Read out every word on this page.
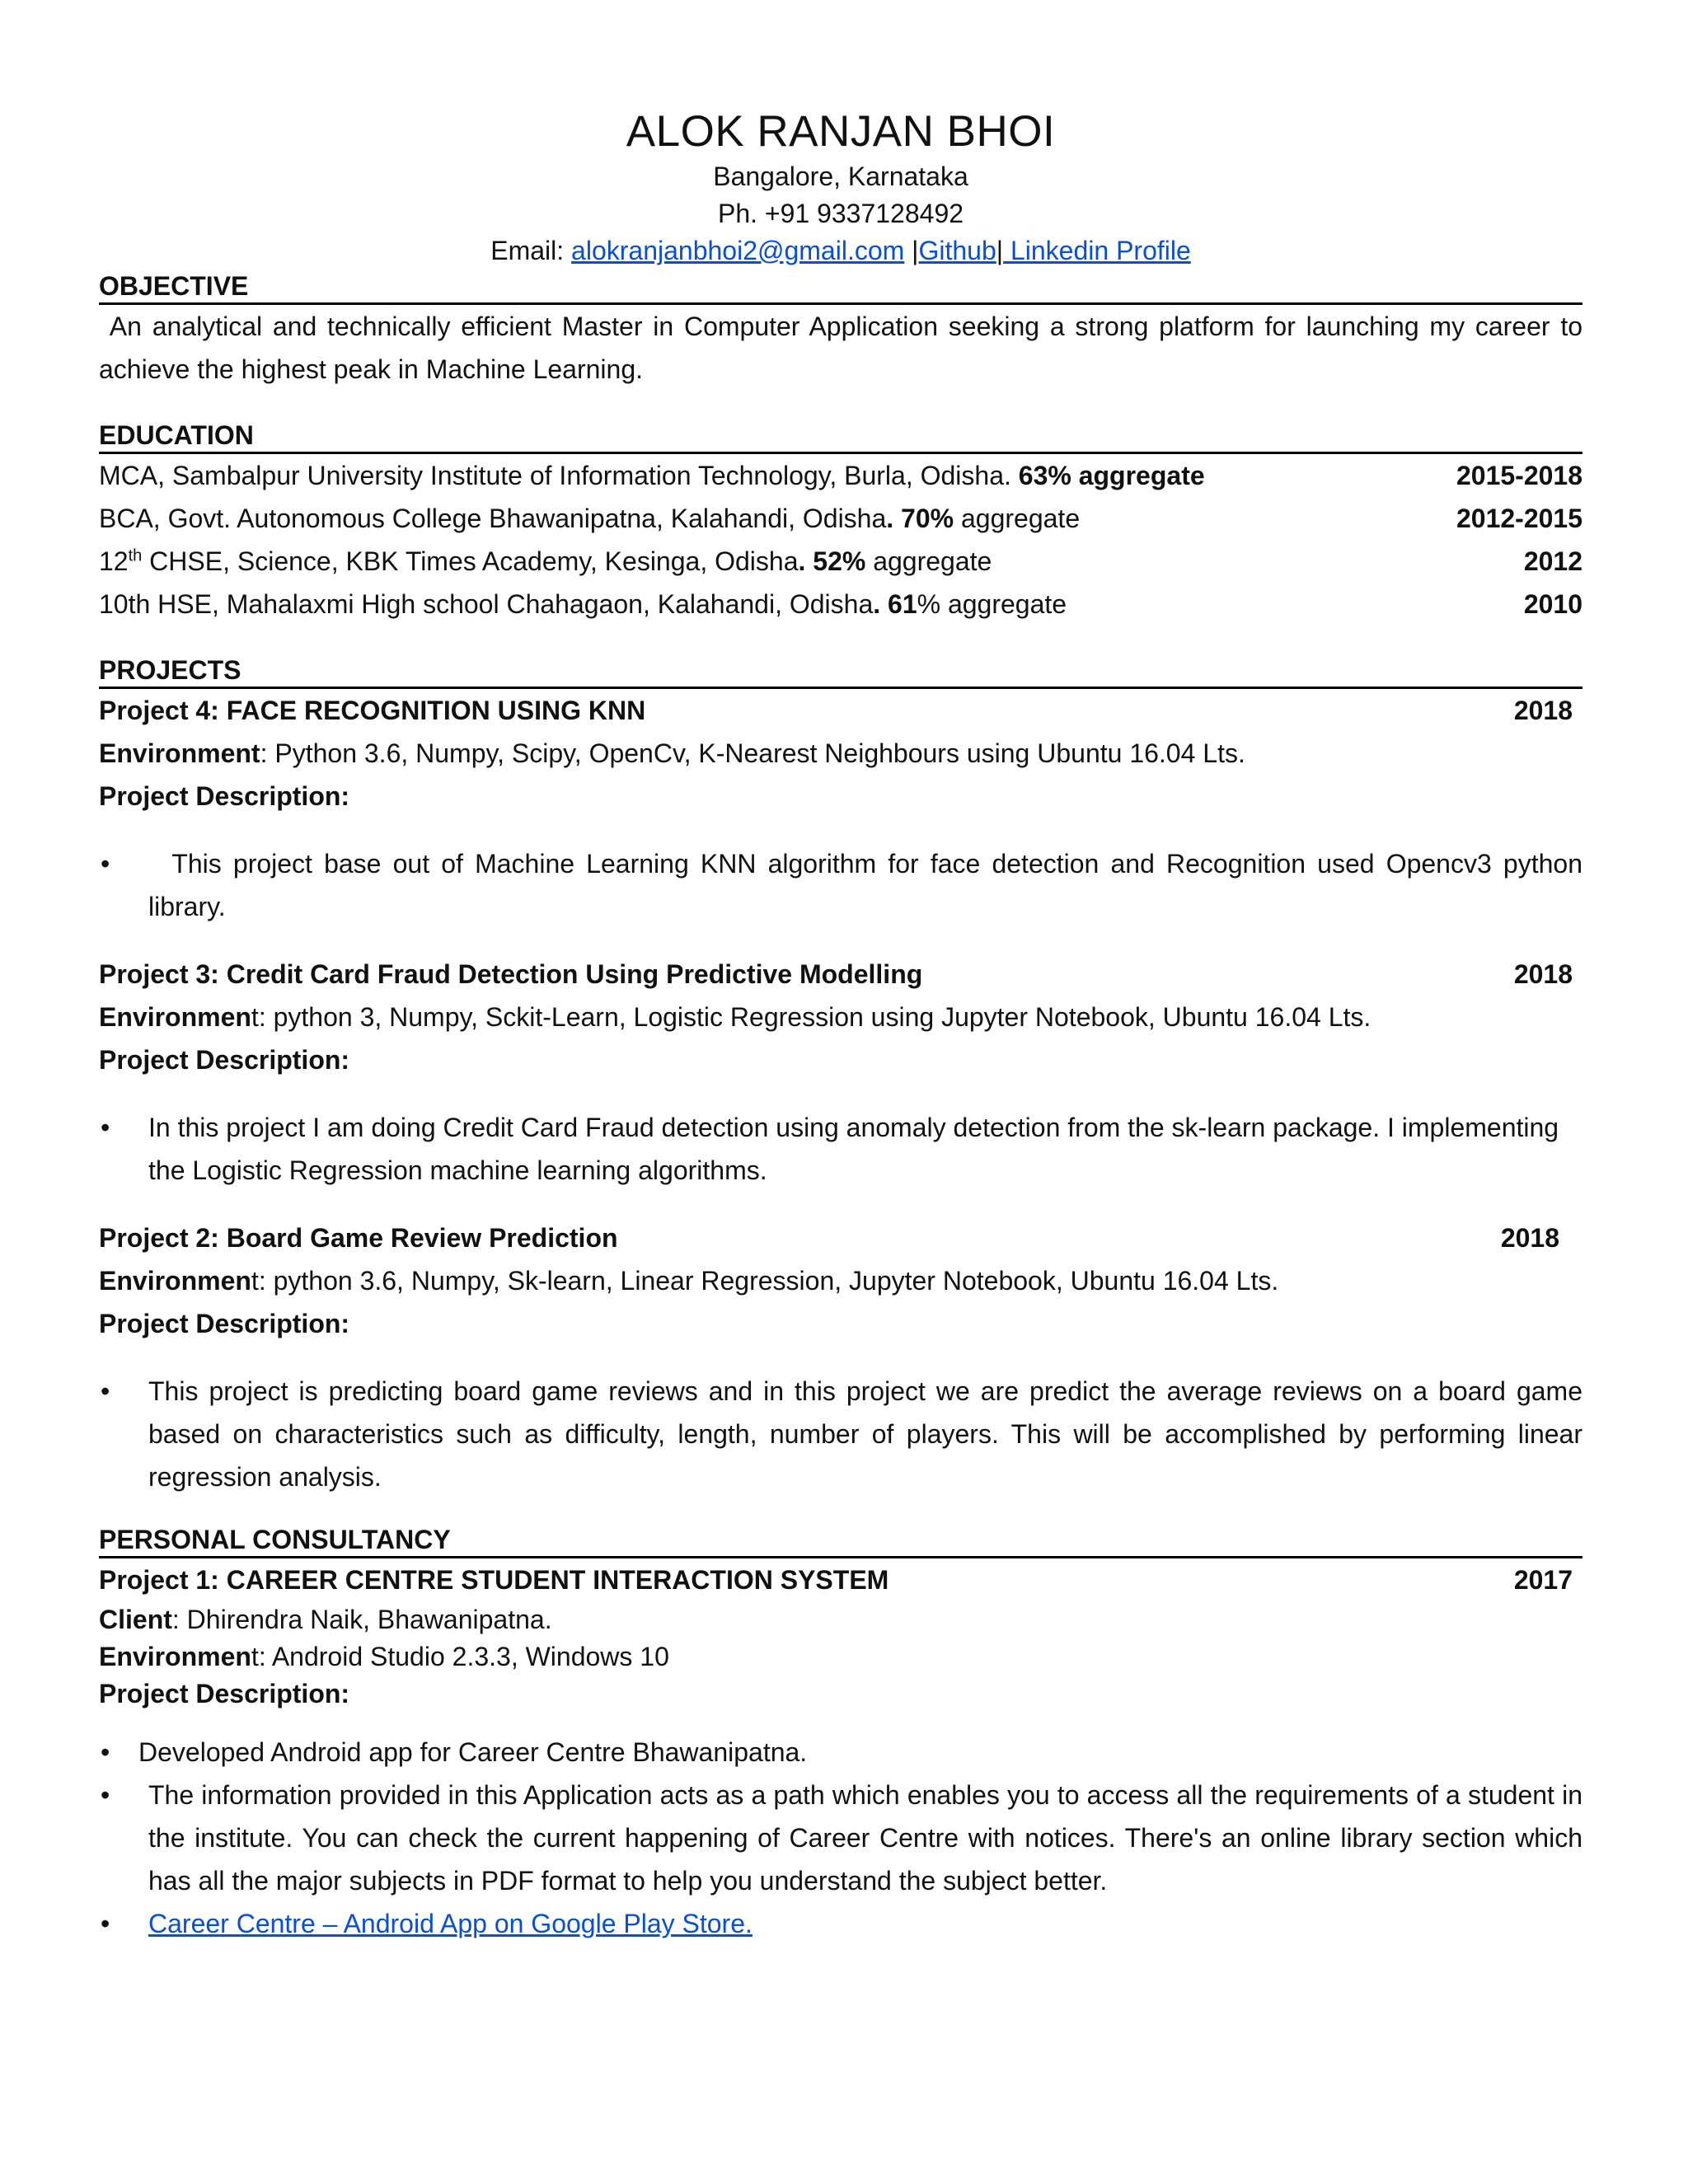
ALOK RANJAN BHOI
Bangalore, Karnataka
Ph. +91 9337128492
Email: alokranjanbhoi2@gmail.com |Github| Linkedin Profile
OBJECTIVE
An analytical and technically efficient Master in Computer Application seeking a strong platform for launching my career to achieve the highest peak in Machine Learning.
EDUCATION
MCA, Sambalpur University Institute of Information Technology, Burla, Odisha. 63% aggregate	2015-2018
BCA, Govt. Autonomous College Bhawanipatna, Kalahandi, Odisha. 70% aggregate	2012-2015
12th CHSE, Science, KBK Times Academy, Kesinga, Odisha. 52% aggregate	2012
10th HSE, Mahalaxmi High school Chahagaon, Kalahandi, Odisha. 61% aggregate	2010
PROJECTS
Project 4: FACE RECOGNITION USING KNN	2018
Environment: Python 3.6, Numpy, Scipy, OpenCv, K-Nearest Neighbours using Ubuntu 16.04 Lts.
Project Description:
• This project base out of Machine Learning KNN algorithm for face detection and Recognition used Opencv3 python library.
Project 3: Credit Card Fraud Detection Using Predictive Modelling	2018
Environment: python 3, Numpy, Sckit-Learn, Logistic Regression using Jupyter Notebook, Ubuntu 16.04 Lts.
Project Description:
• In this project I am doing Credit Card Fraud detection using anomaly detection from the sk-learn package. I implementing the Logistic Regression machine learning algorithms.
Project 2: Board Game Review Prediction	2018
Environment: python 3.6, Numpy, Sk-learn, Linear Regression, Jupyter Notebook, Ubuntu 16.04 Lts.
Project Description:
• This project is predicting board game reviews and in this project we are predict the average reviews on a board game based on characteristics such as difficulty, length, number of players. This will be accomplished by performing linear regression analysis.
PERSONAL CONSULTANCY
Project 1: CAREER CENTRE STUDENT INTERACTION SYSTEM	2017
Client: Dhirendra Naik, Bhawanipatna.
Environment: Android Studio 2.3.3, Windows 10
Project Description:
• Developed Android app for Career Centre Bhawanipatna.
• The information provided in this Application acts as a path which enables you to access all the requirements of a student in the institute. You can check the current happening of Career Centre with notices. There's an online library section which has all the major subjects in PDF format to help you understand the subject better.
• Career Centre – Android App on Google Play Store.
